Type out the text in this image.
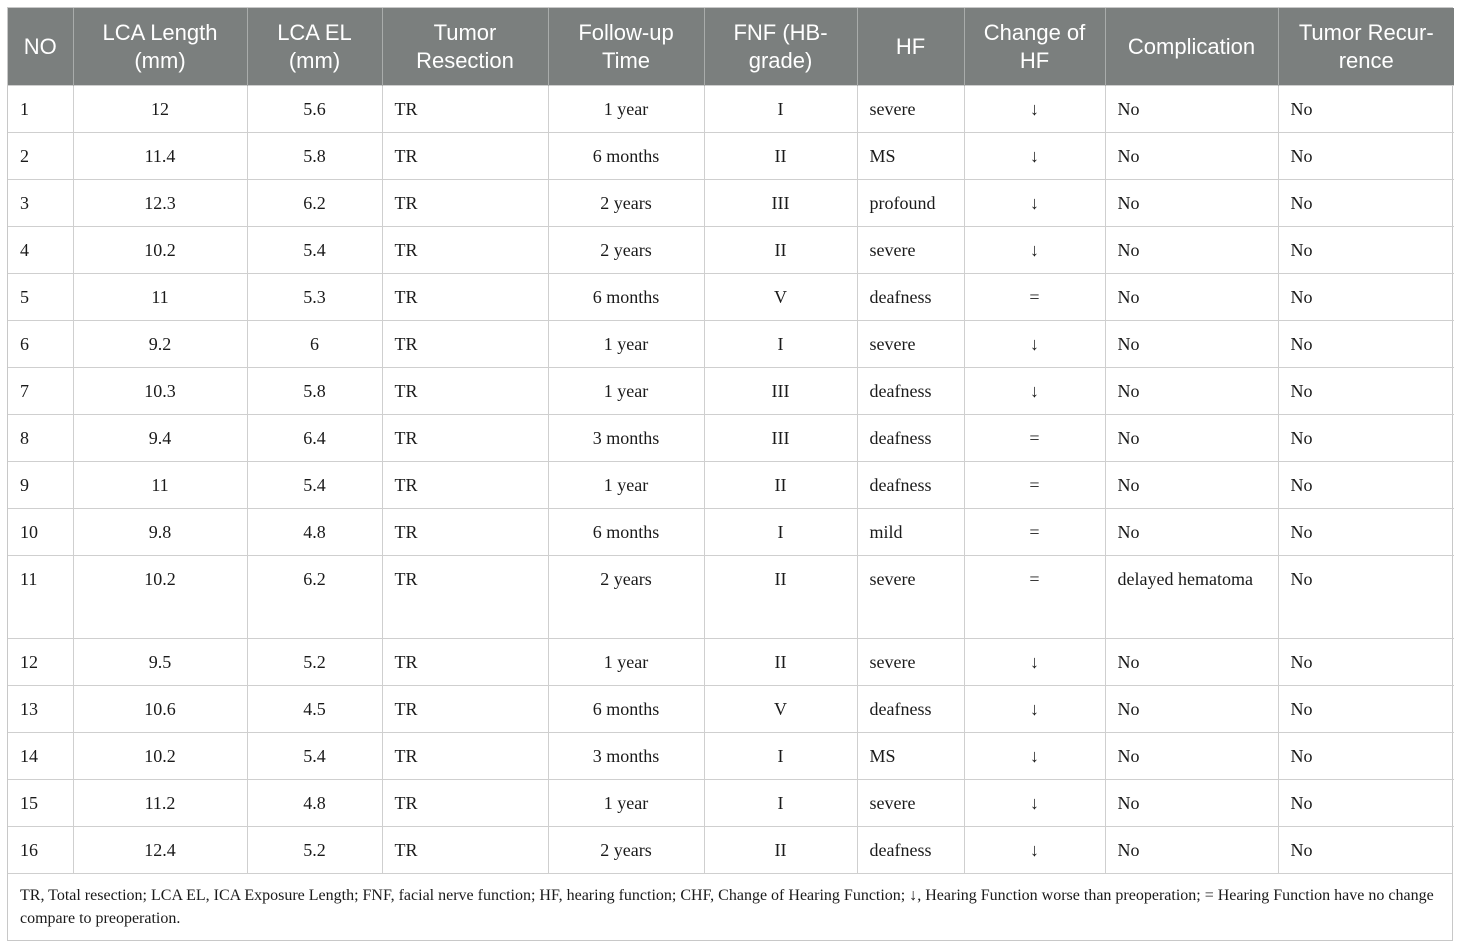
NO	LCA Length (mm)	LCA EL (mm)	Tumor Resection	Follow-up Time	FNF (HB-grade)	HF	Change of HF	Complication	Tumor Recur-rence
1	12	5.6	TR	1 year	I	severe	↓	No	No
2	11.4	5.8	TR	6 months	II	MS	↓	No	No
3	12.3	6.2	TR	2 years	III	profound	↓	No	No
4	10.2	5.4	TR	2 years	II	severe	↓	No	No
5	11	5.3	TR	6 months	V	deafness	=	No	No
6	9.2	6	TR	1 year	I	severe	↓	No	No
7	10.3	5.8	TR	1 year	III	deafness	↓	No	No
8	9.4	6.4	TR	3 months	III	deafness	=	No	No
9	11	5.4	TR	1 year	II	deafness	=	No	No
10	9.8	4.8	TR	6 months	I	mild	=	No	No
11	10.2	6.2	TR	2 years	II	severe	=	delayed hematoma	No
12	9.5	5.2	TR	1 year	II	severe	↓	No	No
13	10.6	4.5	TR	6 months	V	deafness	↓	No	No
14	10.2	5.4	TR	3 months	I	MS	↓	No	No
15	11.2	4.8	TR	1 year	I	severe	↓	No	No
16	12.4	5.2	TR	2 years	II	deafness	↓	No	No
TR, Total resection; LCA EL, ICA Exposure Length; FNF, facial nerve function; HF, hearing function; CHF, Change of Hearing Function; ↓, Hearing Function worse than preoperation; = Hearing Function have no change compare to preoperation.
